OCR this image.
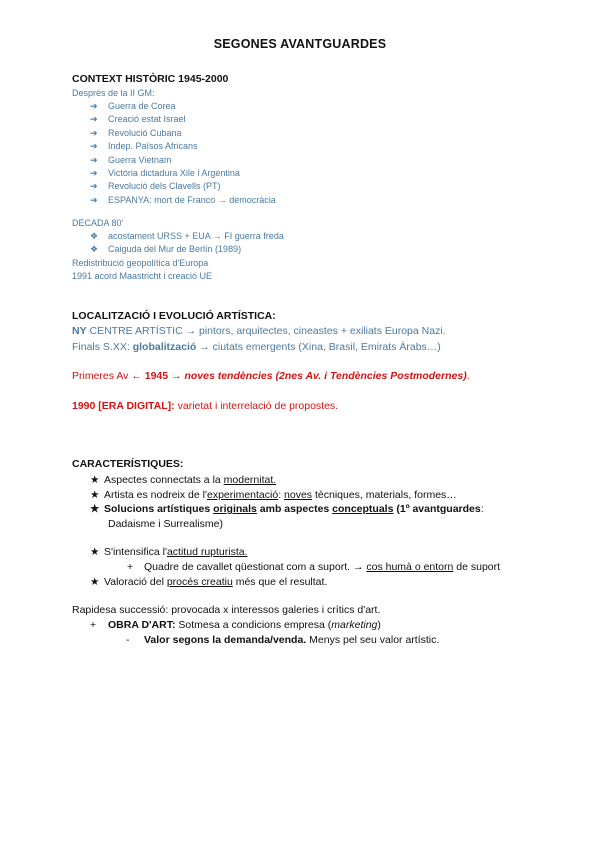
SEGONES AVANTGUARDES
CONTEXT HISTÒRIC 1945-2000
Després de la II GM:
➔ Guerra de Corea
➔ Creació estat Israel
➔ Revolució Cubana
➔ Indep. Països Africans
➔ Guerra Vietnam
➔ Victòria dictadura Xile i Argentina
➔ Revolució dels Clavells (PT)
➔ ESPANYA: mort de Franco → democràcia
DECADA 80'
❖ acostament URSS + EUA → FI guerra freda
❖ Caiguda del Mur de Berlín (1989)
Redistribució geopolítica d'Europa
1991 acord Maastricht i creació UE
LOCALITZACIÓ I EVOLUCIÓ ARTÍSTICA:
NY CENTRE ARTÍSTIC → pintors, arquitectes, cineastes + exiliats Europa Nazi.
Finals S.XX: globalització → ciutats emergents (Xina, Brasil, Emirats Àrabs…)
Primeres Av ← 1945 → noves tendències (2nes Av. i Tendències Postmodernes).
1990 [ERA DIGITAL]: varietat i interrelació de propostes.
CARACTERÍSTIQUES:
★ Aspectes connectats a la modernitat.
★ Artista es nodreix de l'experimentació: noves tècniques, materials, formes…
★ Solucions artístiques originals amb aspectes conceptuals (1º avantguardes:
Dadaisme i Surrealisme)
★ S'intensifica l'actitud rupturista.
+ Quadre de cavallet qüestionat com a suport. → cos humà o entorn de suport
★ Valoració del procés creatiu més que el resultat.
Rapidesa successió: provocada x interessos galeries i crítics d'art.
+ OBRA D'ART: Sotmesa a condicions empresa (marketing)
- Valor segons la demanda/venda. Menys pel seu valor artístic.
